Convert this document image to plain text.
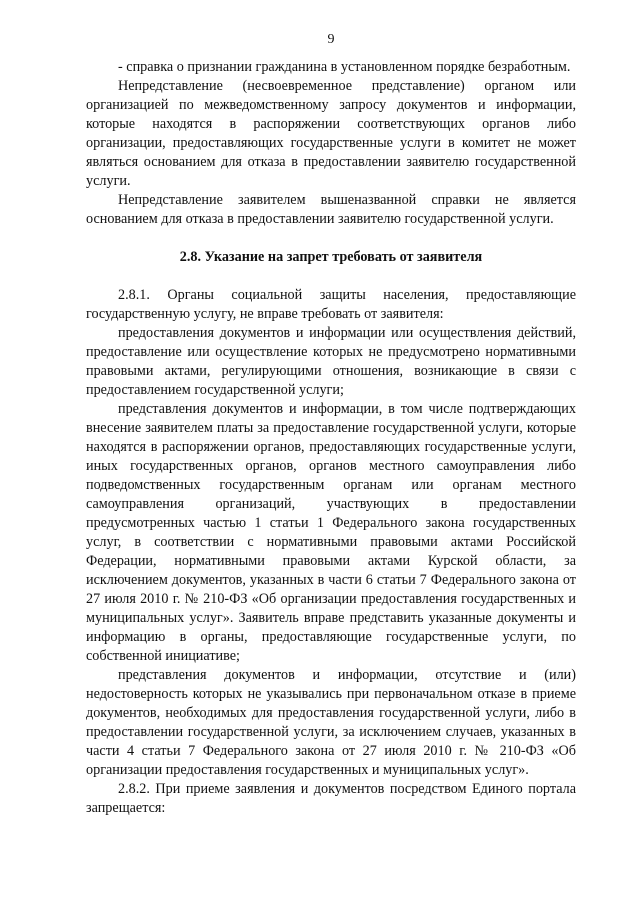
9

- справка о признании гражданина в установленном порядке безработным.

Непредставление (несвоевременное представление) органом или организацией по межведомственному запросу документов и информации, которые находятся в распоряжении соответствующих органов либо организации, предоставляющих государственные услуги в комитет не может являться основанием для отказа в предоставлении заявителю государственной услуги.

Непредставление заявителем вышеназванной справки не является основанием для отказа в предоставлении заявителю государственной услуги.

2.8. Указание на запрет требовать от заявителя

2.8.1. Органы социальной защиты населения, предоставляющие государственную услугу, не вправе требовать от заявителя:

предоставления документов и информации или осуществления действий, предоставление или осуществление которых не предусмотрено нормативными правовыми актами, регулирующими отношения, возникающие в связи с предоставлением государственной услуги;

представления документов и информации, в том числе подтверждающих внесение заявителем платы за предоставление государственной услуги, которые находятся в распоряжении органов, предоставляющих государственные услуги, иных государственных органов, органов местного самоуправления либо подведомственных государственным органам или органам местного самоуправления организаций, участвующих в предоставлении предусмотренных частью 1 статьи 1 Федерального закона государственных услуг, в соответствии с нормативными правовыми актами Российской Федерации, нормативными правовыми актами Курской области, за исключением документов, указанных в части 6 статьи 7 Федерального закона от 27 июля 2010 г. № 210-ФЗ «Об организации предоставления государственных и муниципальных услуг». Заявитель вправе представить указанные документы и информацию в органы, предоставляющие государственные услуги, по собственной инициативе;

представления документов и информации, отсутствие и (или) недостоверность которых не указывались при первоначальном отказе в приеме документов, необходимых для предоставления государственной услуги, либо в предоставлении государственной услуги, за исключением случаев, указанных в части 4 статьи 7 Федерального закона от 27 июля 2010 г. № 210-ФЗ «Об организации предоставления государственных и муниципальных услуг».

2.8.2. При приеме заявления и документов посредством Единого портала запрещается:
